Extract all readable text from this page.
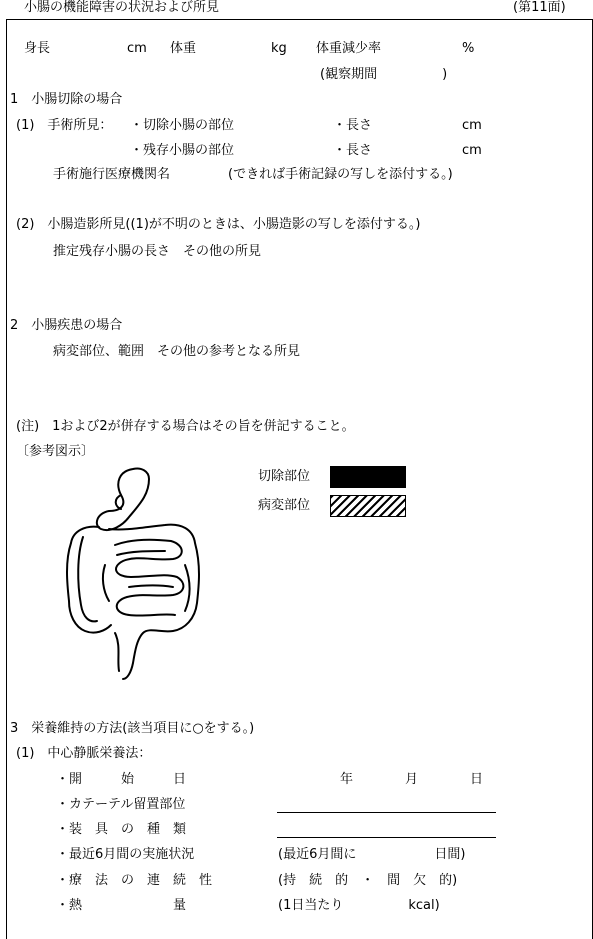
小腸の機能障害の状況および所見	(第11面)
身長	cm 体重	kg 体重減少率	%
(観察期間　　　　　)
1　小腸切除の場合
(1)　手術所見： ・切除小腸の部位	・長さ	cm
・残存小腸の部位	・長さ	cm
手術施行医療機関名	(できれば手術記録の写しを添付する。)
(2)　小腸造影所見((1)が不明のときは、小腸造影の写しを添付する。)
推定残存小腸の長さ　その他の所見
2　小腸疾患の場合
病変部位、範囲　その他の参考となる所見
(注)　1および2が併存する場合はその旨を併記すること。
〔参考図示〕
切除部位
病変部位
3　栄養維持の方法(該当項目に○をする。)
(1)　中心静脈栄養法：
・開　　　始　　　日	年　　　　月　　　　日
・カテーテル留置部位
・装　具　の　種　類
・最近6月間の実施状況	(最近6月間に　　　　　　日間)
・療　法　の　連　続　性	(持　続　的　・　間　欠　的)
・熱　　　　　　　量	(1日当たり　　　　　kcal)
